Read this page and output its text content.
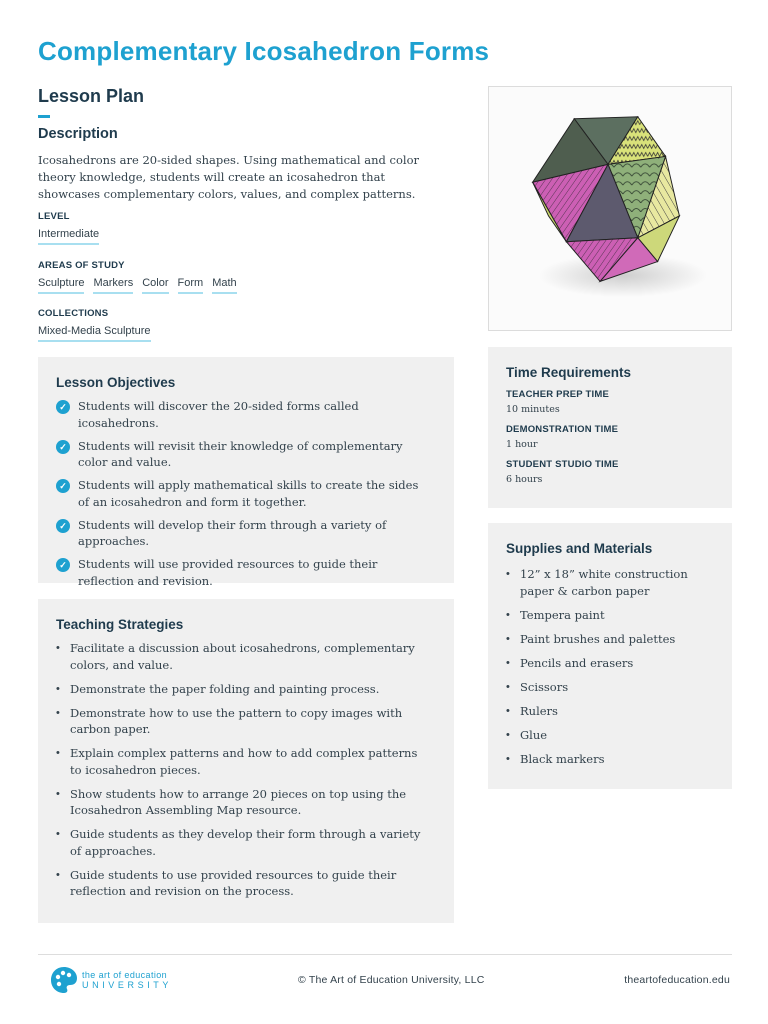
Complementary Icosahedron Forms
Lesson Plan
Description
Icosahedrons are 20-sided shapes. Using mathematical and color theory knowledge, students will create an icosahedron that showcases complementary colors, values, and complex patterns.
LEVEL
Intermediate
AREAS OF STUDY
Sculpture Markers Color Form Math
COLLECTIONS
Mixed-Media Sculpture
Lesson Objectives
✓ Students will discover the 20-sided forms called icosahedrons.
✓ Students will revisit their knowledge of complementary color and value.
✓ Students will apply mathematical skills to create the sides of an icosahedron and form it together.
✓ Students will develop their form through a variety of approaches.
✓ Students will use provided resources to guide their reflection and revision.
Teaching Strategies
• Facilitate a discussion about icosahedrons, complementary colors, and value.
• Demonstrate the paper folding and painting process.
• Demonstrate how to use the pattern to copy images with carbon paper.
• Explain complex patterns and how to add complex patterns to icosahedron pieces.
• Show students how to arrange 20 pieces on top using the Icosahedron Assembling Map resource.
• Guide students as they develop their form through a variety of approaches.
• Guide students to use provided resources to guide their reflection and revision on the process.
Time Requirements
TEACHER PREP TIME
10 minutes
DEMONSTRATION TIME
1 hour
STUDENT STUDIO TIME
6 hours
Supplies and Materials
• 12” x 18” white construction paper & carbon paper
• Tempera paint
• Paint brushes and palettes
• Pencils and erasers
• Scissors
• Rulers
• Glue
• Black markers
the art of education
UNIVERSITY	© The Art of Education University, LLC	theartofeducation.edu
